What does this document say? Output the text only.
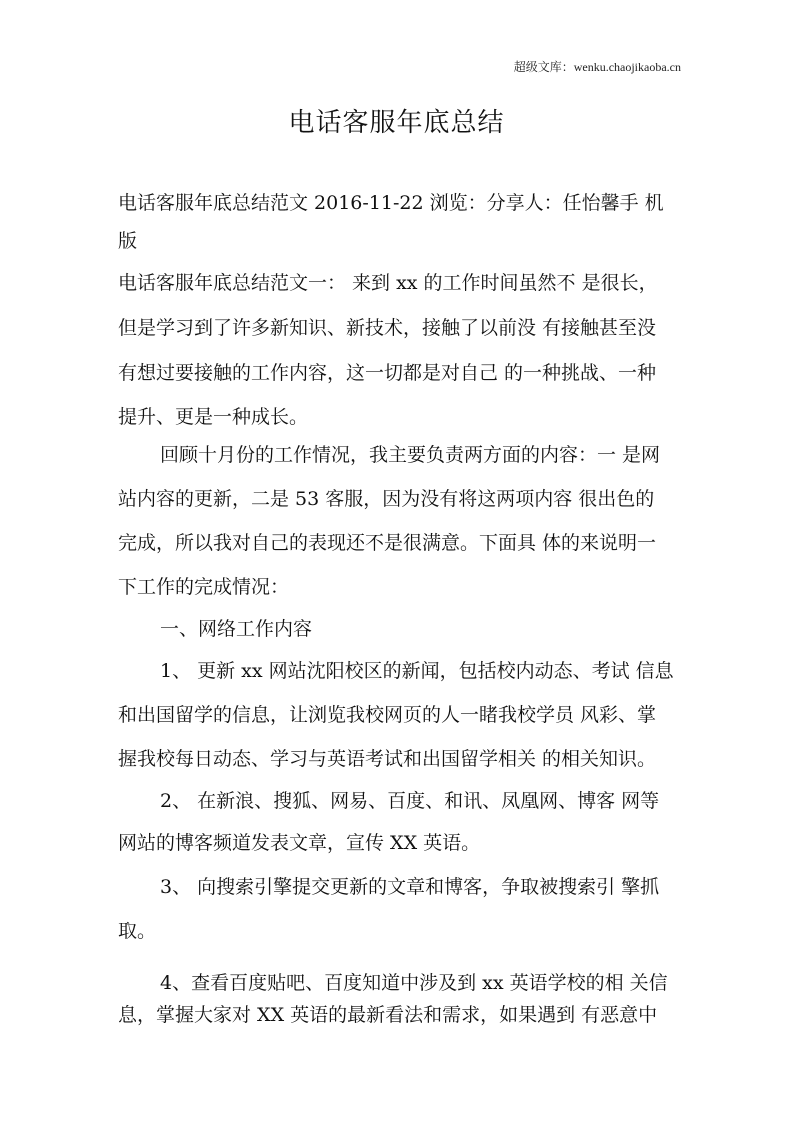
超级文库：wenku.chaojikaoba.cn
电话客服年底总结
电话客服年底总结范文 2016-11-22 浏览：分享人：任怡馨手 机
版
电话客服年底总结范文一： 来到 xx 的工作时间虽然不 是很长，
但是学习到了许多新知识、新技术，接触了以前没 有接触甚至没
有想过要接触的工作内容，这一切都是对自己 的一种挑战、一种
提升、更是一种成长。
回顾十月份的工作情况，我主要负责两方面的内容：一 是网
站内容的更新，二是 53 客服，因为没有将这两项内容 很出色的
完成，所以我对自己的表现还不是很满意。下面具 体的来说明一
下工作的完成情况：
一、网络工作内容
1、 更新 xx 网站沈阳校区的新闻，包括校内动态、考试 信息
和出国留学的信息，让浏览我校网页的人一睹我校学员 风彩、掌
握我校每日动态、学习与英语考试和出国留学相关 的相关知识。
2、 在新浪、搜狐、网易、百度、和讯、凤凰网、博客 网等
网站的博客频道发表文章，宣传 XX 英语。
3、 向搜索引擎提交更新的文章和博客，争取被搜索引 擎抓
取。
4、查看百度贴吧、百度知道中涉及到 xx 英语学校的相 关信
息，掌握大家对 XX 英语的最新看法和需求，如果遇到 有恶意中
